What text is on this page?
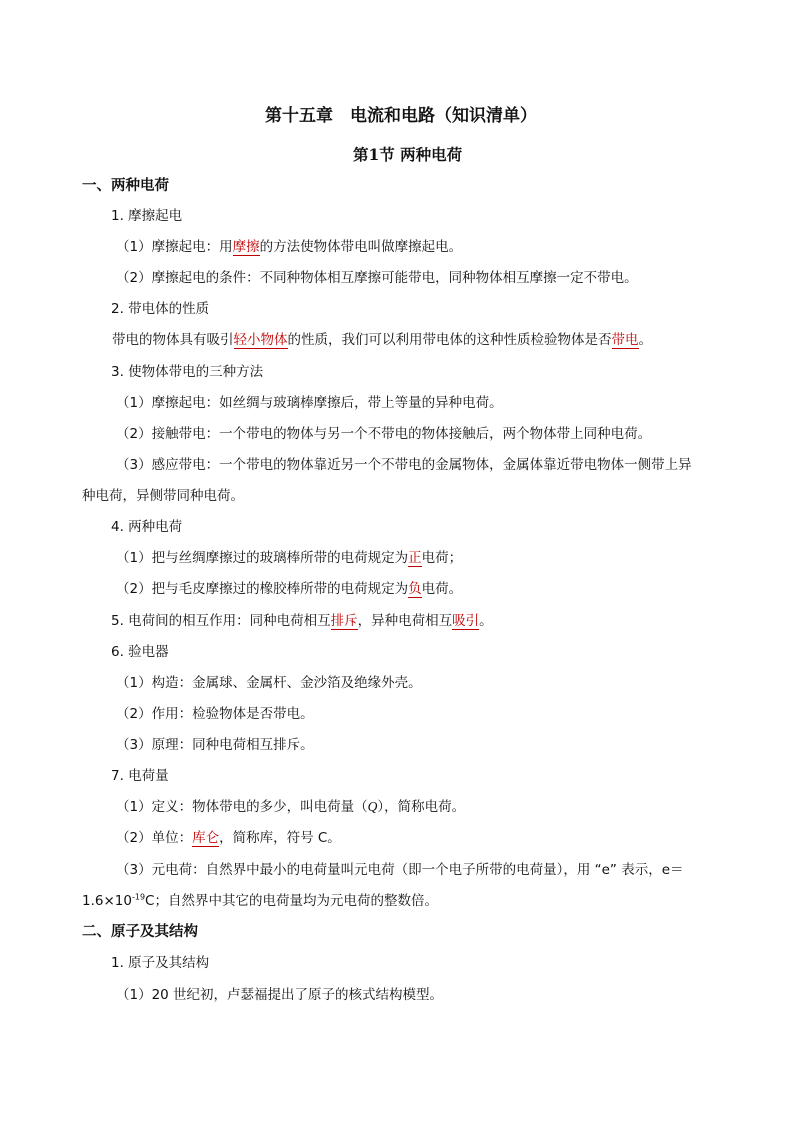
第十五章　电流和电路（知识清单）
第1节 两种电荷
一、两种电荷
1. 摩擦起电
（1）摩擦起电：用摩擦的方法使物体带电叫做摩擦起电。
（2）摩擦起电的条件：不同种物体相互摩擦可能带电，同种物体相互摩擦一定不带电。
2. 带电体的性质
带电的物体具有吸引轻小物体的性质，我们可以利用带电体的这种性质检验物体是否带电。
3. 使物体带电的三种方法
（1）摩擦起电：如丝绸与玻璃棒摩擦后，带上等量的异种电荷。
（2）接触带电：一个带电的物体与另一个不带电的物体接触后，两个物体带上同种电荷。
（3）感应带电：一个带电的物体靠近另一个不带电的金属物体，金属体靠近带电物体一侧带上异
种电荷，异侧带同种电荷。
4. 两种电荷
（1）把与丝绸摩擦过的玻璃棒所带的电荷规定为正电荷；
（2）把与毛皮摩擦过的橡胶棒所带的电荷规定为负电荷。
5. 电荷间的相互作用：同种电荷相互排斥，异种电荷相互吸引。
6. 验电器
（1）构造：金属球、金属杆、金沙箔及绝缘外壳。
（2）作用：检验物体是否带电。
（3）原理：同种电荷相互排斥。
7. 电荷量
（1）定义：物体带电的多少，叫电荷量（Q），简称电荷。
（2）单位：库仑，简称库，符号 C。
（3）元电荷：自然界中最小的电荷量叫元电荷（即一个电子所带的电荷量），用 “e” 表示，e＝
$1.6\times 10^{-19}C$；自然界中其它的电荷量均为元电荷的整数倍。
二、原子及其结构
1. 原子及其结构
（1）20 世纪初，卢瑟福提出了原子的核式结构模型。
